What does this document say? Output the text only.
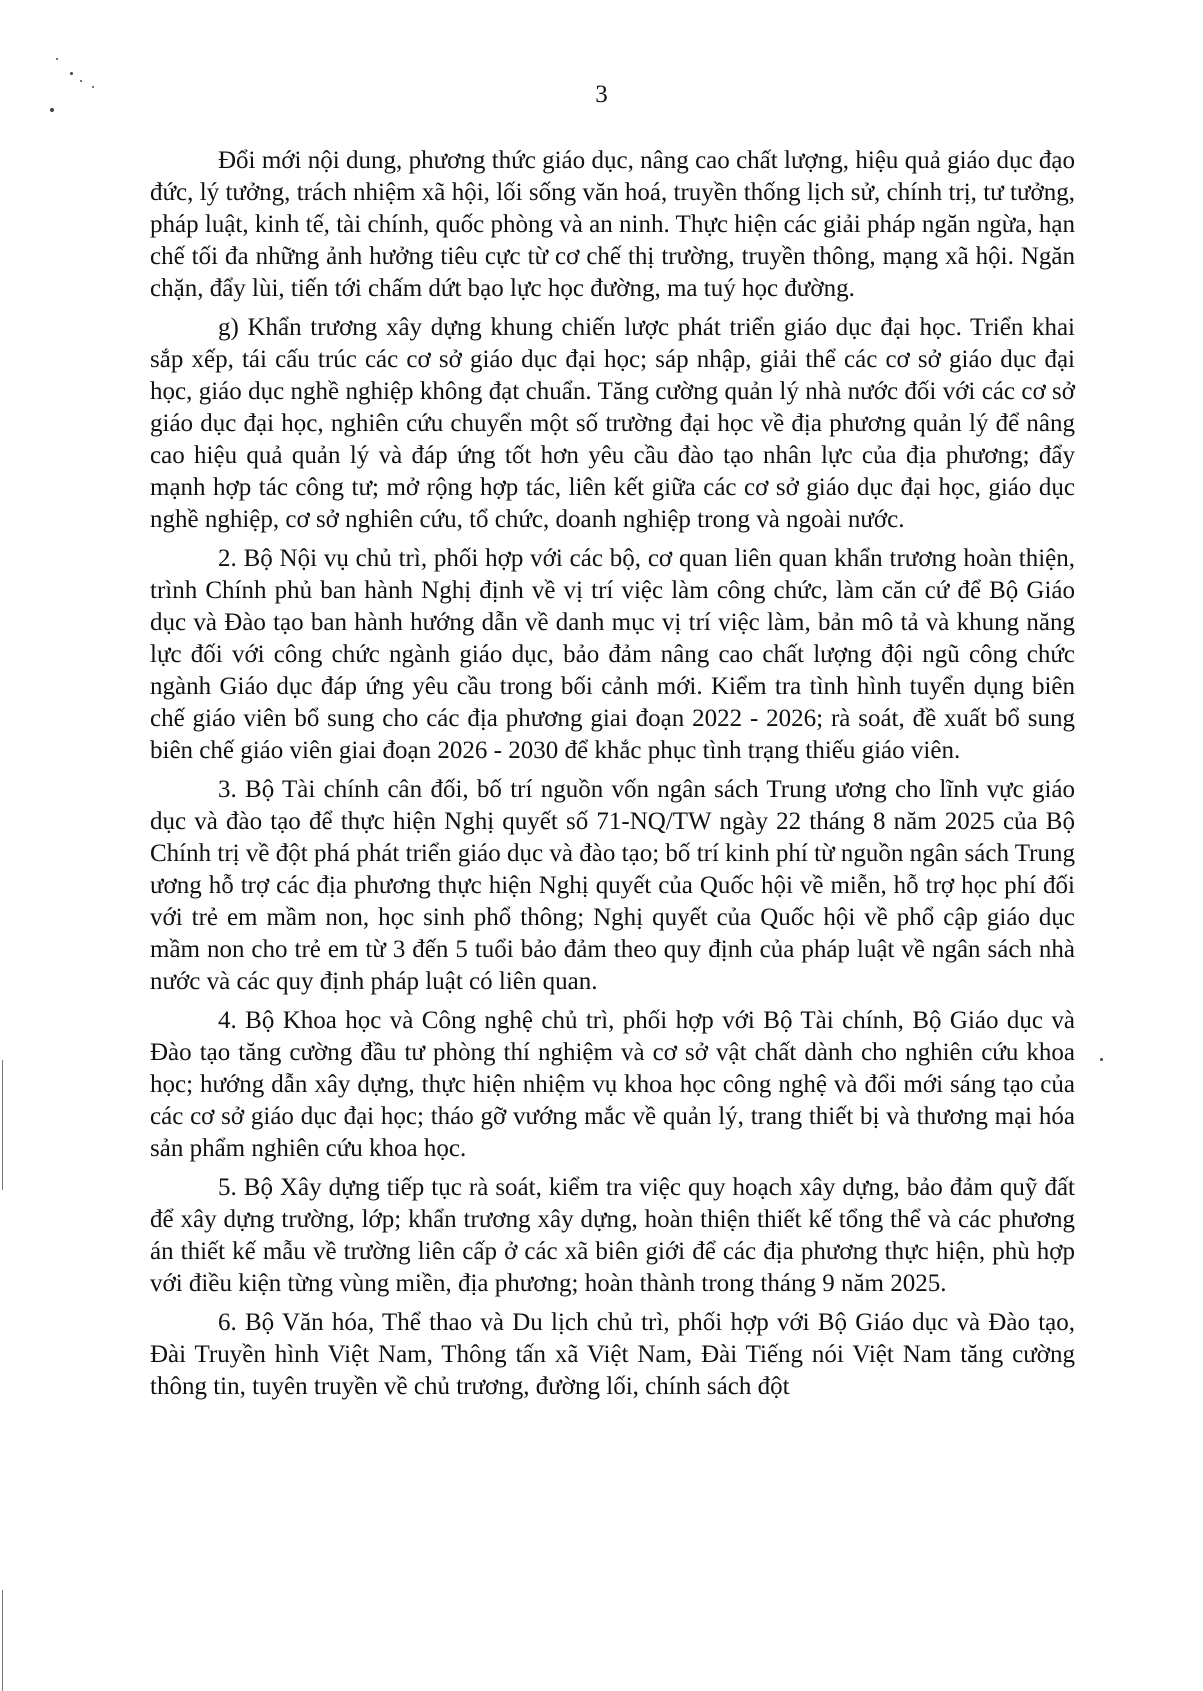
3

Đổi mới nội dung, phương thức giáo dục, nâng cao chất lượng, hiệu quả giáo dục đạo đức, lý tưởng, trách nhiệm xã hội, lối sống văn hoá, truyền thống lịch sử, chính trị, tư tưởng, pháp luật, kinh tế, tài chính, quốc phòng và an ninh. Thực hiện các giải pháp ngăn ngừa, hạn chế tối đa những ảnh hưởng tiêu cực từ cơ chế thị trường, truyền thông, mạng xã hội. Ngăn chặn, đẩy lùi, tiến tới chấm dứt bạo lực học đường, ma tuý học đường.

g) Khẩn trương xây dựng khung chiến lược phát triển giáo dục đại học. Triển khai sắp xếp, tái cấu trúc các cơ sở giáo dục đại học; sáp nhập, giải thể các cơ sở giáo dục đại học, giáo dục nghề nghiệp không đạt chuẩn. Tăng cường quản lý nhà nước đối với các cơ sở giáo dục đại học, nghiên cứu chuyển một số trường đại học về địa phương quản lý để nâng cao hiệu quả quản lý và đáp ứng tốt hơn yêu cầu đào tạo nhân lực của địa phương; đẩy mạnh hợp tác công tư; mở rộng hợp tác, liên kết giữa các cơ sở giáo dục đại học, giáo dục nghề nghiệp, cơ sở nghiên cứu, tổ chức, doanh nghiệp trong và ngoài nước.

2. Bộ Nội vụ chủ trì, phối hợp với các bộ, cơ quan liên quan khẩn trương hoàn thiện, trình Chính phủ ban hành Nghị định về vị trí việc làm công chức, làm căn cứ để Bộ Giáo dục và Đào tạo ban hành hướng dẫn về danh mục vị trí việc làm, bản mô tả và khung năng lực đối với công chức ngành giáo dục, bảo đảm nâng cao chất lượng đội ngũ công chức ngành Giáo dục đáp ứng yêu cầu trong bối cảnh mới. Kiểm tra tình hình tuyển dụng biên chế giáo viên bổ sung cho các địa phương giai đoạn 2022 - 2026; rà soát, đề xuất bổ sung biên chế giáo viên giai đoạn 2026 - 2030 để khắc phục tình trạng thiếu giáo viên.

3. Bộ Tài chính cân đối, bố trí nguồn vốn ngân sách Trung ương cho lĩnh vực giáo dục và đào tạo để thực hiện Nghị quyết số 71-NQ/TW ngày 22 tháng 8 năm 2025 của Bộ Chính trị về đột phá phát triển giáo dục và đào tạo; bố trí kinh phí từ nguồn ngân sách Trung ương hỗ trợ các địa phương thực hiện Nghị quyết của Quốc hội về miễn, hỗ trợ học phí đối với trẻ em mầm non, học sinh phổ thông; Nghị quyết của Quốc hội về phổ cập giáo dục mầm non cho trẻ em từ 3 đến 5 tuổi bảo đảm theo quy định của pháp luật về ngân sách nhà nước và các quy định pháp luật có liên quan.

4. Bộ Khoa học và Công nghệ chủ trì, phối hợp với Bộ Tài chính, Bộ Giáo dục và Đào tạo tăng cường đầu tư phòng thí nghiệm và cơ sở vật chất dành cho nghiên cứu khoa học; hướng dẫn xây dựng, thực hiện nhiệm vụ khoa học công nghệ và đổi mới sáng tạo của các cơ sở giáo dục đại học; tháo gỡ vướng mắc về quản lý, trang thiết bị và thương mại hóa sản phẩm nghiên cứu khoa học.

5. Bộ Xây dựng tiếp tục rà soát, kiểm tra việc quy hoạch xây dựng, bảo đảm quỹ đất để xây dựng trường, lớp; khẩn trương xây dựng, hoàn thiện thiết kế tổng thể và các phương án thiết kế mẫu về trường liên cấp ở các xã biên giới để các địa phương thực hiện, phù hợp với điều kiện từng vùng miền, địa phương; hoàn thành trong tháng 9 năm 2025.

6. Bộ Văn hóa, Thể thao và Du lịch chủ trì, phối hợp với Bộ Giáo dục và Đào tạo, Đài Truyền hình Việt Nam, Thông tấn xã Việt Nam, Đài Tiếng nói Việt Nam tăng cường thông tin, tuyên truyền về chủ trương, đường lối, chính sách đột
